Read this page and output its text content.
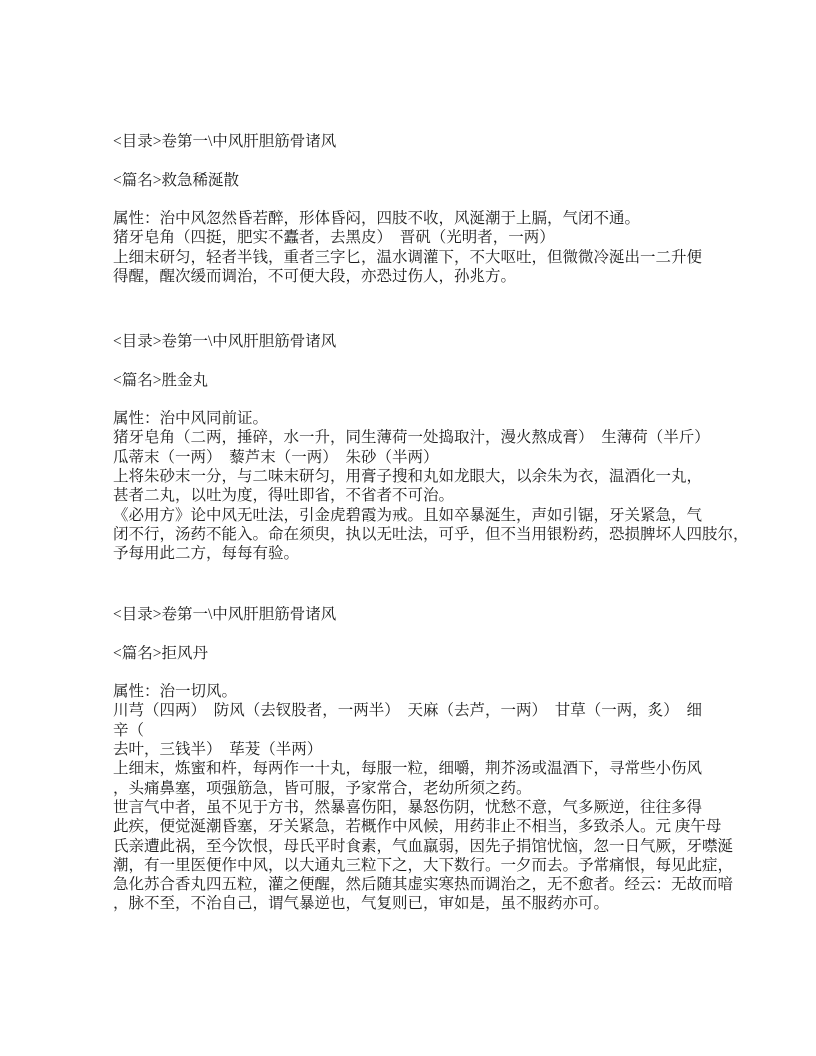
<目录>卷第一\中风肝胆筋骨诸风

<篇名>救急稀涎散

属性：治中风忽然昏若醉，形体昏闷，四肢不收，风涎潮于上膈，气闭不通。
猪牙皂角（四挺，肥实不蠹者，去黑皮）　晋矾（光明者，一两）
上细末研匀，轻者半钱，重者三字匕，温水调灌下，不大呕吐，但微微冷涎出一二升便
得醒，醒次缓而调治，不可便大段，亦恐过伤人，孙兆方。
<目录>卷第一\中风肝胆筋骨诸风

<篇名>胜金丸

属性：治中风同前证。
猪牙皂角（二两，捶碎，水一升，同生薄荷一处捣取汁，漫火熬成膏）　生薄荷（半斤）
瓜蒂末（一两）　藜芦末（一两）　朱砂（半两）
上将朱砂末一分，与二味末研匀，用膏子搜和丸如龙眼大，以余朱为衣，温酒化一丸，
甚者二丸，以吐为度，得吐即省，不省者不可治。
《必用方》论中风无吐法，引金虎碧霞为戒。且如卒暴涎生，声如引锯，牙关紧急，气
闭不行，汤药不能入。命在须臾，执以无吐法，可乎，但不当用银粉药，恐损脾坏人四肢尔，
予每用此二方，每每有验。
<目录>卷第一\中风肝胆筋骨诸风

<篇名>拒风丹

属性：治一切风。
川芎（四两）　防风（去钗股者，一两半）　天麻（去芦，一两）　甘草（一两，炙）　细
辛（
去叶，三钱半）　荜茇（半两）
上细末，炼蜜和杵，每两作一十丸，每服一粒，细嚼，荆芥汤或温酒下，寻常些小伤风
，头痛鼻塞，项强筋急，皆可服，予家常合，老幼所须之药。
世言气中者，虽不见于方书，然暴喜伤阳，暴怒伤阴，忧愁不意，气多厥逆，往往多得
此疾，便觉涎潮昏塞，牙关紧急，若概作中风候，用药非止不相当，多致杀人。元 庚午母
氏亲遭此祸，至今饮恨，母氏平时食素，气血羸弱，因先子捐馆忧恼，忽一日气厥，牙噤涎
潮，有一里医便作中风，以大通丸三粒下之，大下数行。一夕而去。予常痛恨，每见此症，
急化苏合香丸四五粒，灌之便醒，然后随其虚实寒热而调治之，无不愈者。经云：无故而喑
，脉不至，不治自己，谓气暴逆也，气复则已，审如是，虽不服药亦可。
